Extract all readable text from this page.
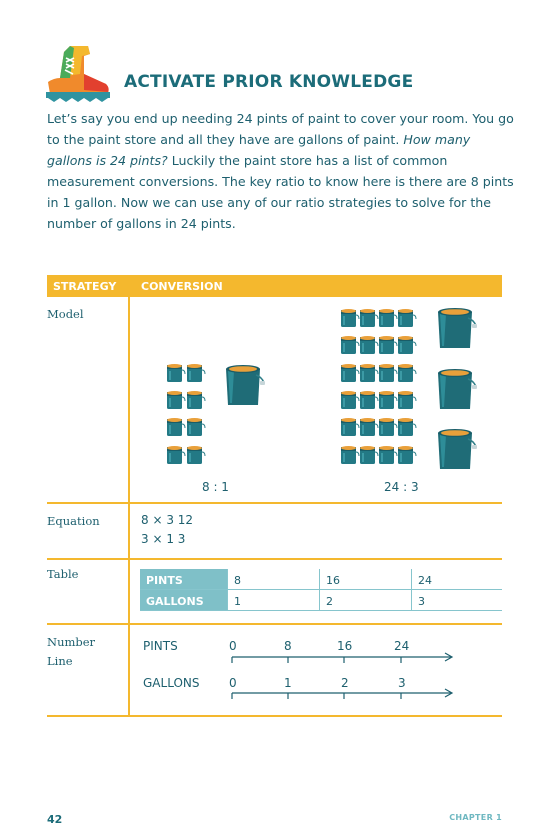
ACTIVATE PRIOR KNOWLEDGE
Let’s say you end up needing 24 pints of paint to cover your room. You go to the paint store and all they have are gallons of paint. How many gallons is 24 pints? Luckily the paint store has a list of common measurement conversions. The key ratio to know here is there are 8 pints in 1 gallon. Now we can use any of our ratio strategies to solve for the number of gallons in 24 pints.
STRATEGY CONVERSION
Model
8 : 1	24 : 3
Equation	8 × 3 12
3 × 1 3
Table	PINTS	8	16	24
GALLONS	1	2	3
Number
Line
PINTS
GALLONS
0	8	16	24
0	1	2	3
42	CHAPTER 1
